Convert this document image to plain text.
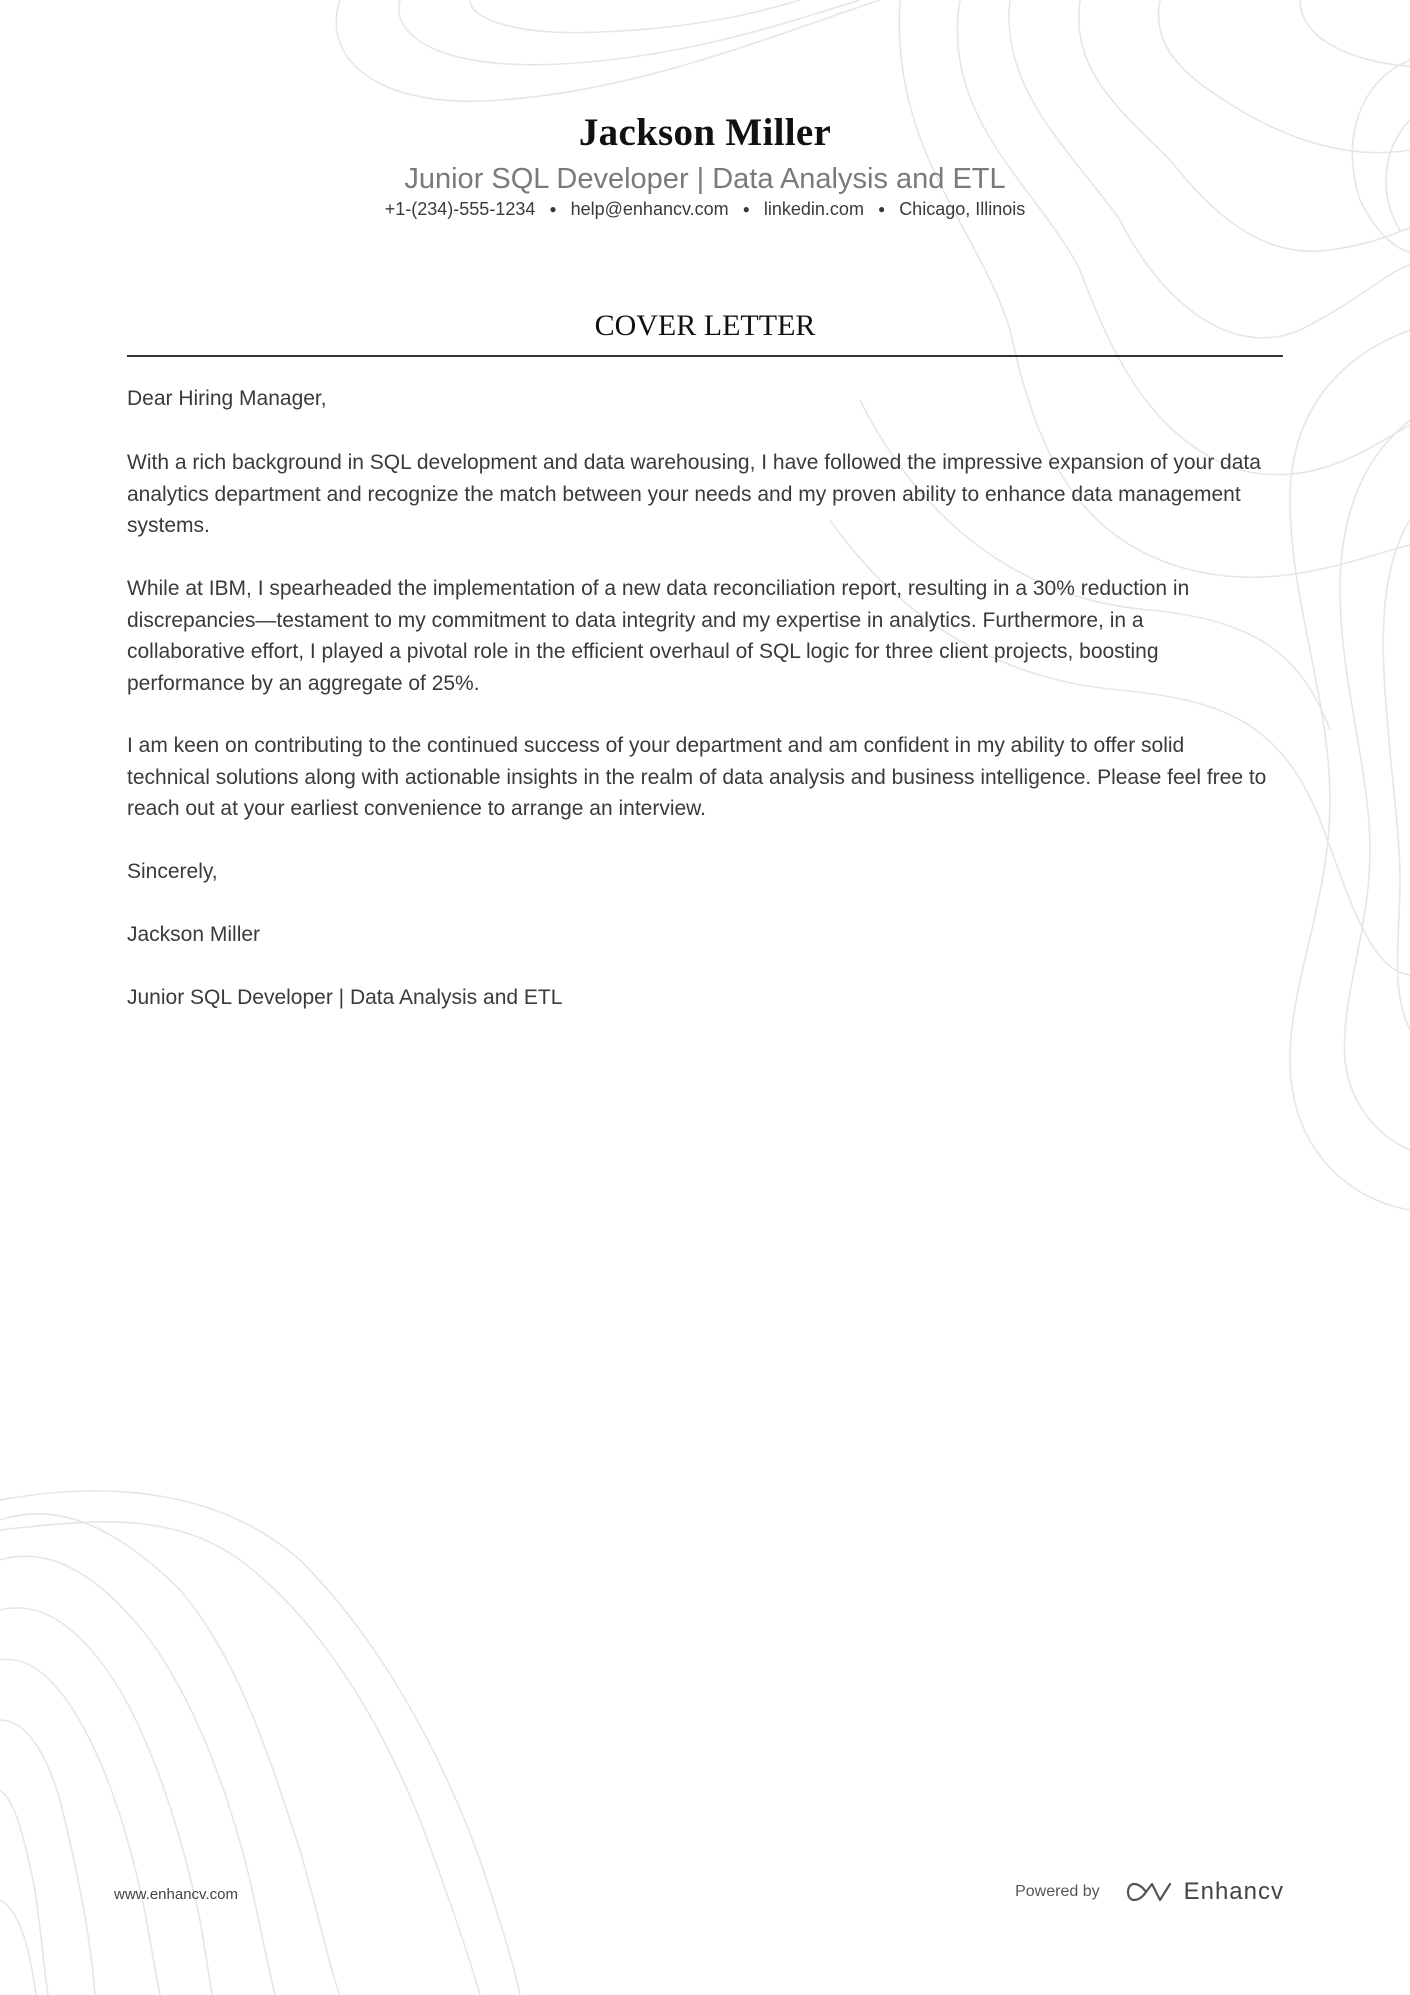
Jackson Miller
Junior SQL Developer | Data Analysis and ETL
+1-(234)-555-1234 ● help@enhancv.com ● linkedin.com ● Chicago, Illinois
COVER LETTER
Dear Hiring Manager,
With a rich background in SQL development and data warehousing, I have followed the impressive expansion of your data analytics department and recognize the match between your needs and my proven ability to enhance data management systems.
While at IBM, I spearheaded the implementation of a new data reconciliation report, resulting in a 30% reduction in discrepancies—testament to my commitment to data integrity and my expertise in analytics. Furthermore, in a collaborative effort, I played a pivotal role in the efficient overhaul of SQL logic for three client projects, boosting performance by an aggregate of 25%.
I am keen on contributing to the continued success of your department and am confident in my ability to offer solid technical solutions along with actionable insights in the realm of data analysis and business intelligence. Please feel free to reach out at your earliest convenience to arrange an interview.
Sincerely,
Jackson Miller
Junior SQL Developer | Data Analysis and ETL
www.enhancv.com	Powered by	Enhancv
